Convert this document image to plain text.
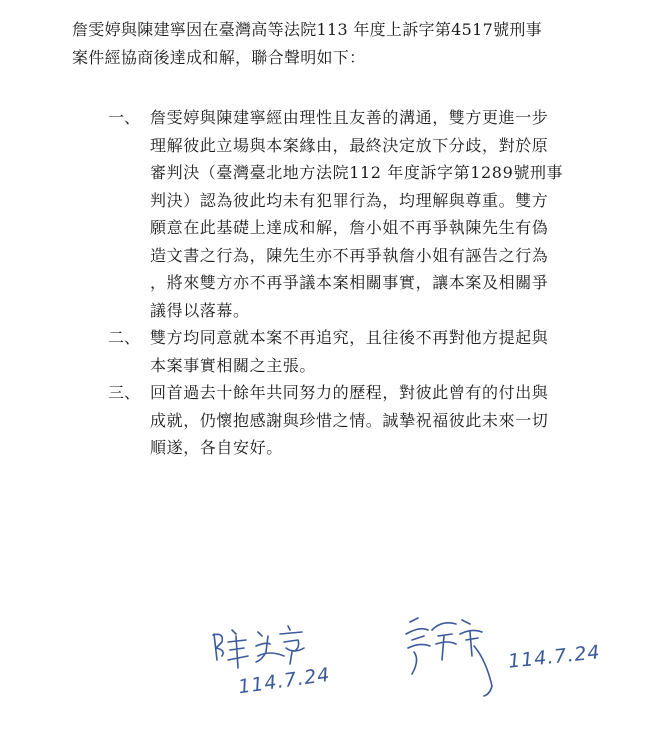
詹雯婷與陳建寧因在臺灣高等法院113 年度上訴字第4517號刑事
案件經協商後達成和解，聯合聲明如下：
一、 詹雯婷與陳建寧經由理性且友善的溝通，雙方更進一步
理解彼此立場與本案緣由，最終決定放下分歧，對於原
審判決（臺灣臺北地方法院112 年度訴字第1289號刑事
判決）認為彼此均未有犯罪行為，均理解與尊重。雙方
願意在此基礎上達成和解，詹小姐不再爭執陳先生有偽
造文書之行為，陳先生亦不再爭執詹小姐有誣告之行為
，將來雙方亦不再爭議本案相關事實，讓本案及相關爭
議得以落幕。
二、 雙方均同意就本案不再追究，且往後不再對他方提起與
本案事實相關之主張。
三、 回首過去十餘年共同努力的歷程，對彼此曾有的付出與
成就，仍懷抱感謝與珍惜之情。誠摯祝福彼此未來一切
順遂，各自安好。
114.7.24
114.7.24
